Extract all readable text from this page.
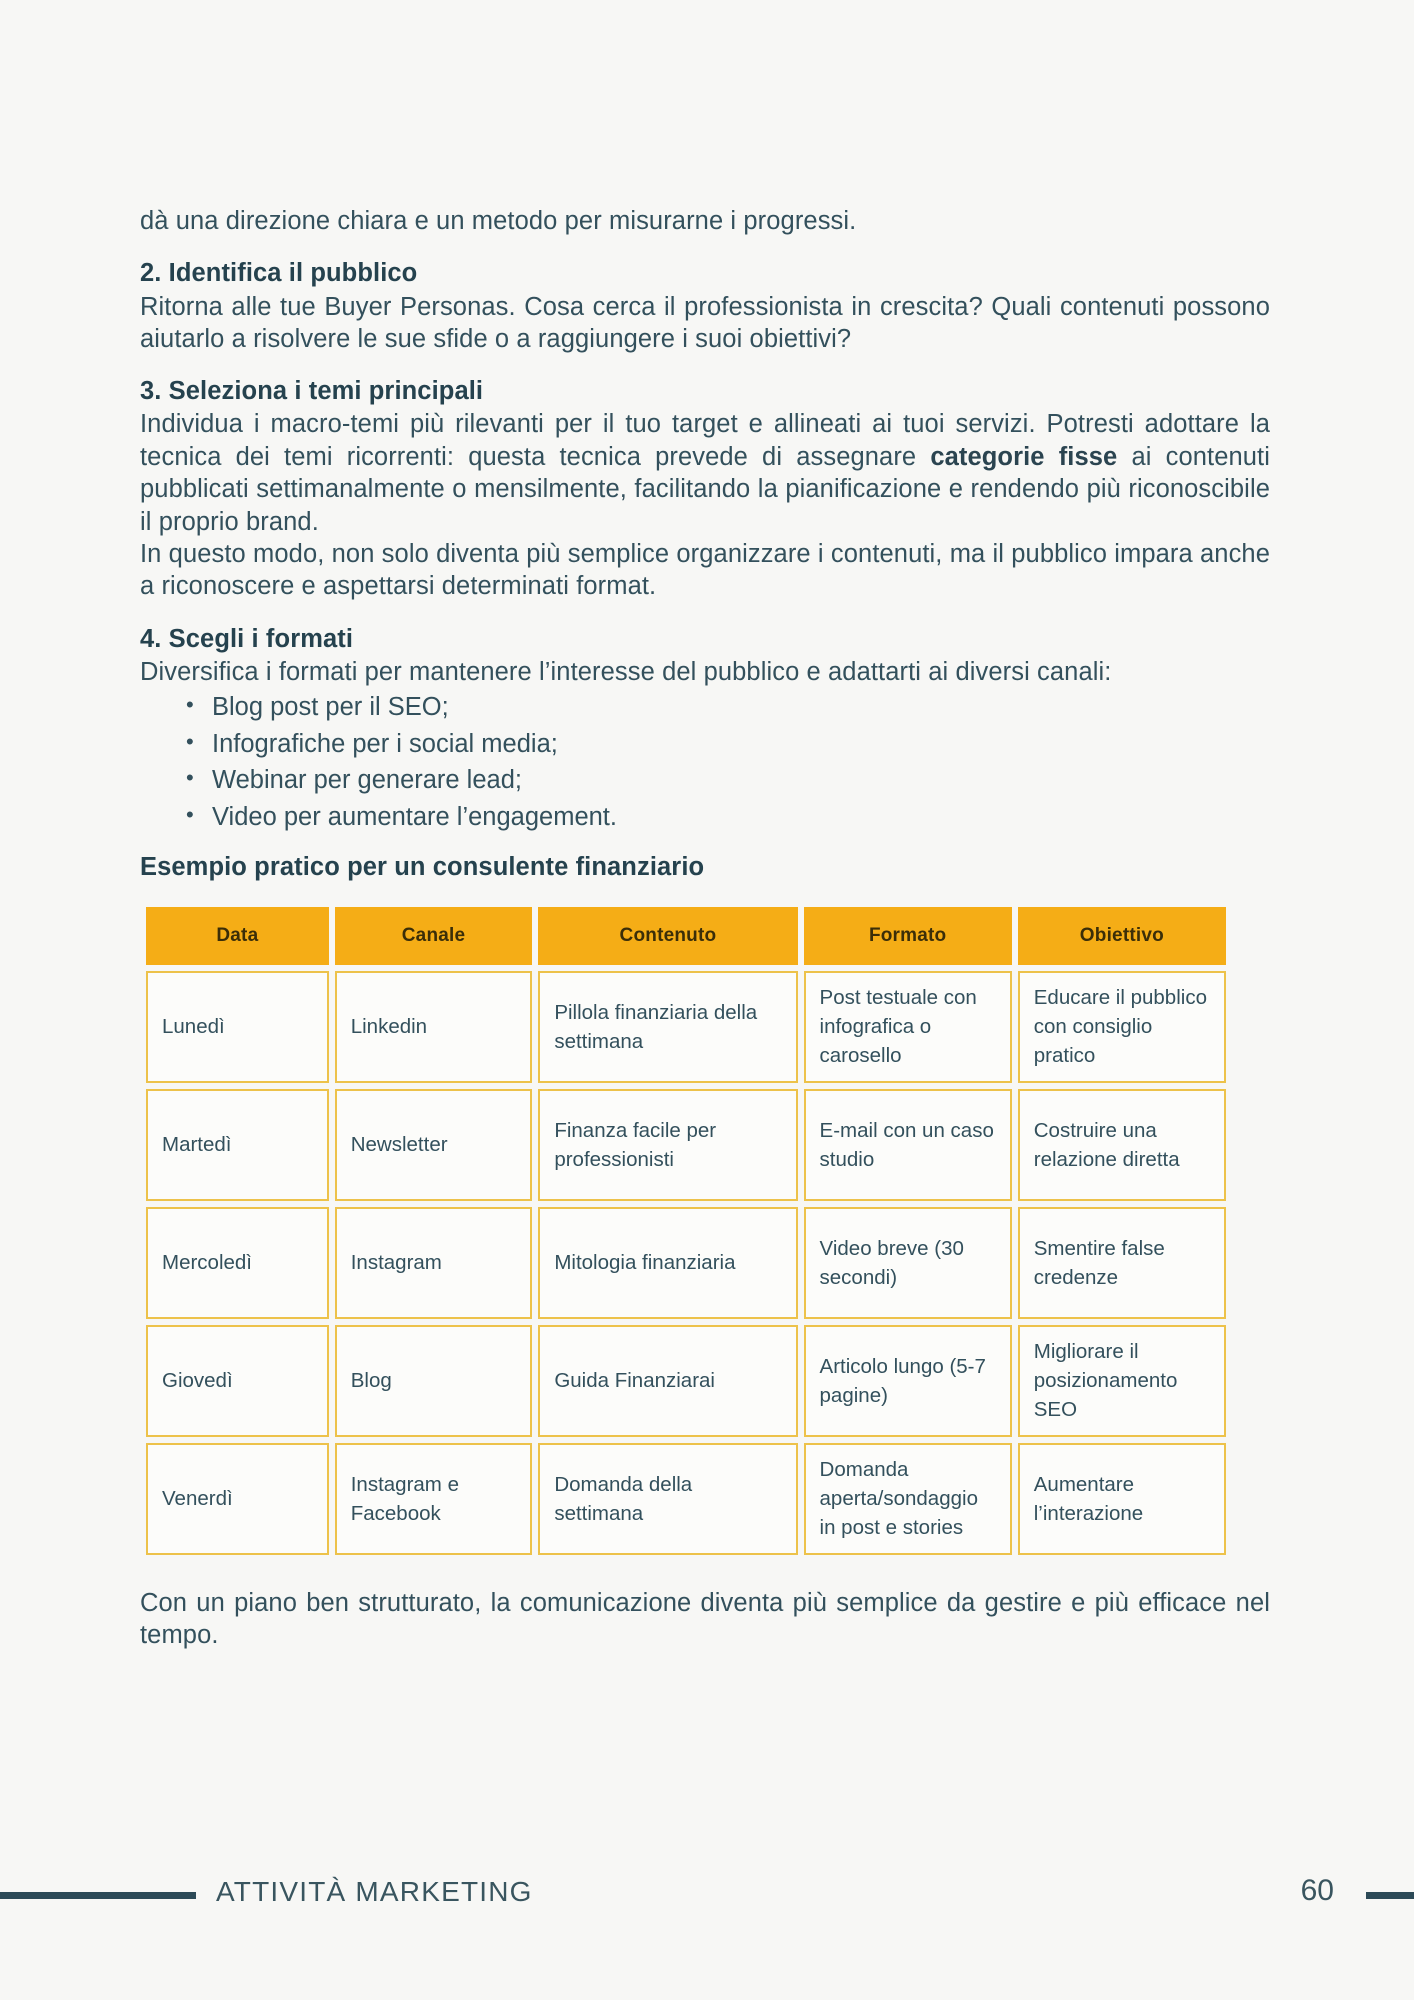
dà una direzione chiara e un metodo per misurarne i progressi.

2. Identifica il pubblico

Ritorna alle tue Buyer Personas. Cosa cerca il professionista in crescita? Quali contenuti possono aiutarlo a risolvere le sue sfide o a raggiungere i suoi obiettivi?

3. Seleziona i temi principali

Individua i macro-temi più rilevanti per il tuo target e allineati ai tuoi servizi. Potresti adottare la tecnica dei temi ricorrenti: questa tecnica prevede di assegnare categorie fisse ai contenuti pubblicati settimanalmente o mensilmente, facilitando la pianificazione e rendendo più riconoscibile il proprio brand.

In questo modo, non solo diventa più semplice organizzare i contenuti, ma il pubblico impara anche a riconoscere e aspettarsi determinati format.

4. Scegli i formati

Diversifica i formati per mantenere l’interesse del pubblico e adattarti ai diversi canali:

• Blog post per il SEO;
• Infografiche per i social media;
• Webinar per generare lead;
• Video per aumentare l’engagement.
Esempio pratico per un consulente finanziario
Data	Canale	Contenuto	Formato	Obiettivo
Lunedì	Linkedin	Pillola finanziaria della settimana	Post testuale con infografica o carosello	Educare il pubblico con consiglio pratico
Martedì	Newsletter	Finanza facile per professionisti	E-mail con un caso studio	Costruire una relazione diretta
Mercoledì	Instagram	Mitologia finanziaria	Video breve (30 secondi)	Smentire false credenze
Giovedì	Blog	Guida Finanziarai	Articolo lungo (5-7 pagine)	Migliorare il posizionamento SEO
Venerdì	Instagram e Facebook	Domanda della settimana	Domanda aperta/sondaggio in post e stories	Aumentare l’interazione

Con un piano ben strutturato, la comunicazione diventa più semplice da gestire e più efficace nel tempo.

ATTIVITÀ MARKETING	60
